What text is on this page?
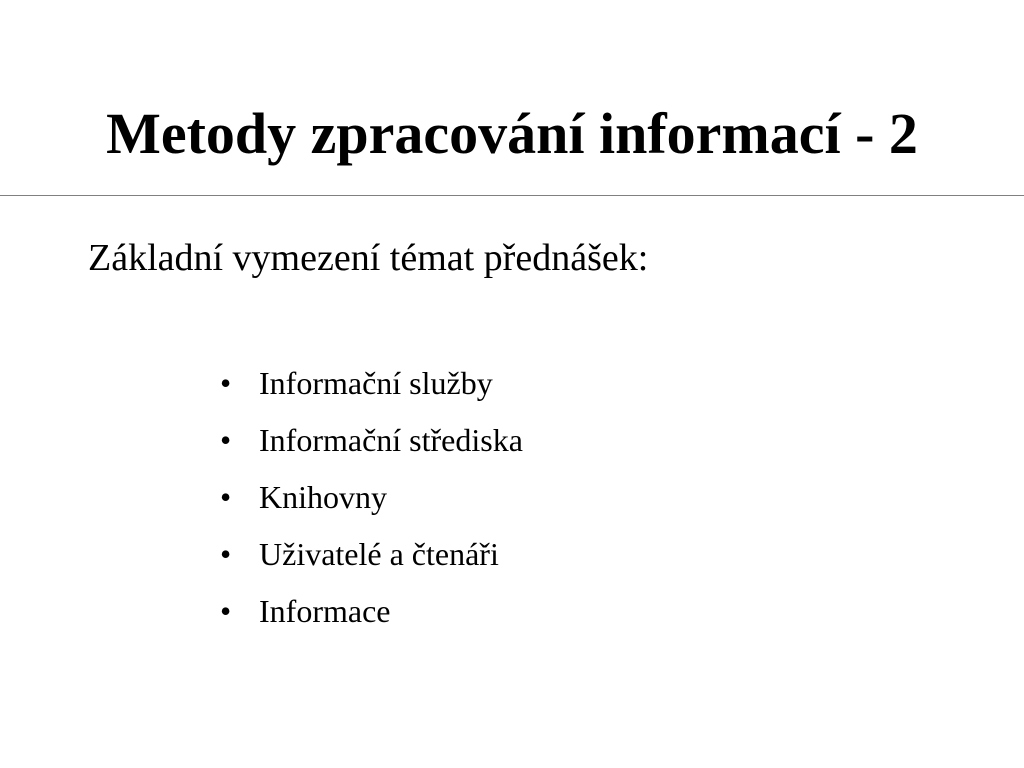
Metody zpracování informací - 2
Základní vymezení témat přednášek:
• Informační služby
• Informační střediska
• Knihovny
• Uživatelé a čtenáři
• Informace
